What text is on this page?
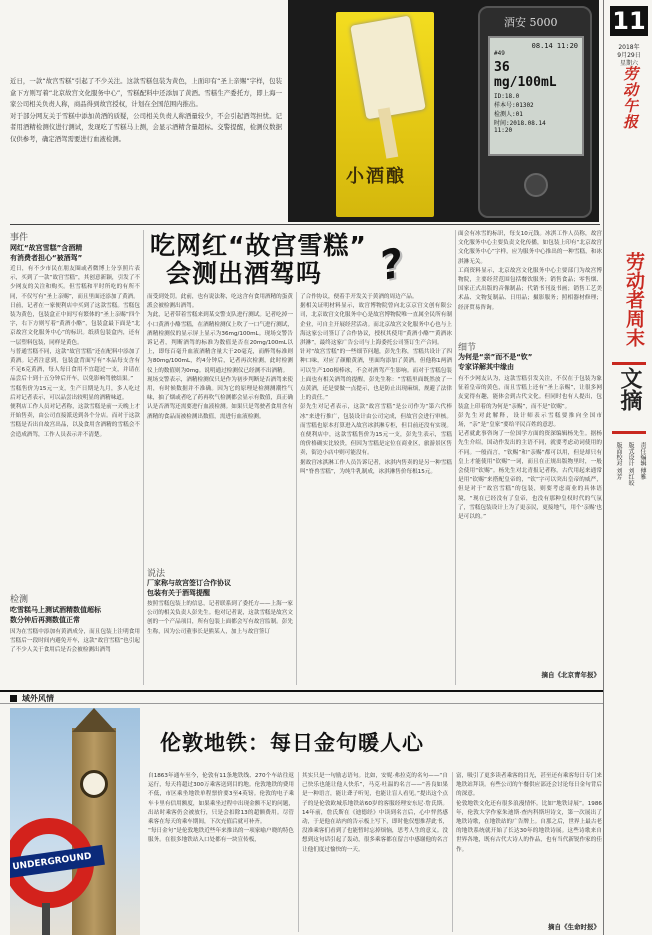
小酒酿
酒安 5000
08.14 11:20
#49
36 mg/100mL
ID:18.0
样本号:01302
检测人:01
时间:2018.08.14
11:20
11
2018年
9月29日
星期六
劳动午报
劳动者周末
文摘
责任编辑 傅雅
版式设计 刘红皎
版面校对 刘芳
近日，一款“故宫雪糕”引起了不少关注。这款雪糕包装为黄色，上面印有“圣上亲赐”字样，包装盒下方则写着“北京故宫文化服务中心”，雪糕配料中还添加了黄酒。雪糕生产委托方，即上海一家公司相关负责人称，商品得到故宫授权，计划在全国范围内推出。
对于部分网友关于雪糕中添加黄酒的质疑，公司相关负责人称酒量较少，不会引起酒驾担忧。记者用酒精检测仪进行测试，发现吃了雪糕马上测，会显示酒精含量超标。交警提醒，检测仪数据仅供参考，确定酒驾需要进行血液检测。
事件
网红“故宫雪糕”含酒精
有消费者担心“被酒驾”
近日，有不少市民在朋友圈或者微博上分享照片表示，买到了一款“故宫雪糕”，其创意新颖，引发了不少网友的关注和购买。但雪糕和平时所吃的有所不同，不仅写有“圣上亲赐”，而且里面还添加了黄酒。
日前，记者在一家便利店中买到了这款雪糕。雪糕包装为黄色，包装盒正中间写有繁体的“圣上亲赐”四个字，右下方则写着“黄酒小酪”，包装盒最下面是“北京故宫文化服务中心”的标识。纸质包装盒内，还有一层塑料包装，同样是黄色。
与普通雪糕不同，这款“故宫雪糕”还在配料中添加了黄酒。记者注意到，包装盒背面写有“本品每支含有不足6克黄酒，每人每日食用不宜超过一支，并请在品尝后十到十五分钟后开车，以免影响驾驶结果。”
雪糕售价为15元一支，生产日期是九月，多人吃过后对记者表示，可以品尝出较明显的酒精味道。
便利店工作人员对记者称，这款雪糕是前一天晚上才开始售卖，由公司直接派送到各个分店。而对于这款雪糕是否出自故宫出品，以及食用含酒精的雪糕会不会造成酒驾，工作人员表示并不清楚。
检测
吃雪糕马上测试酒精数值超标
数分钟后再测数值正常
因为在雪糕中添加有黄酒成分，而且包装上注明食用雪糕后一段时间内避免开车，这款“故宫雪糕”也引起了不少人关于食用后是否会被检测出酒驾
吃网红“故宫雪糕”
会测出酒驾吗	?
而受到处罚。此前，也有说法称，吃这含有食用酒精的蛋黄派会被检测出酒驾。
为此，记者带着雪糕来到某交警支队进行测试。记者吃掉一小口黄酒小酪雪糕，在酒精检测仪上吹了一口气进行测试，酒精检测仪的显示屏上显示为36mg/100mL。现场交警告诉记者，判断酒驾的标准为数值是否在20mg/100mL以上，即每百毫升血液酒精含量大于20毫克，而醉驾标准则为80mg/100mL，约4分钟后，记者再次检测，此时检测仪上的数值则为0mg。说明通过检测仪已经测不出酒精。
现场交警表示，酒精检测仪只是作为初步判断是否酒驾来使用，有时候数据并不准确。因为它的原理是检测测潮性气味，抽了烟或者吃了药再吹气检测都会显示有数值，真正确认是否酒驾还需要进行血液检测。如果只是驾驶者食用含有酒精的食品而被检测出数值，需进行血液检测。
说法
厂家称与故宫签订合作协议
包装有关于酒驾提醒
按照雪糕包装上的信息，记者联系到了委托方——上海一家公司的相关负责人彭先生。他对记者说，这款雪糕是故宫文创的一个产品项目，所有包装上面都会写有故宫监制。彭先生称，因为公司董事长是熊某人，加上与故宫签订
了合作协议，便着手开发关于黄酒的周边产品。
据相关证明材料显示，故宫博物院曾向北京京宫文创有限公司，北京故宫文化服务中心是故宫博物院唯一直属全民所有制企业，可自主开展经营活动。而北京故宫文化服务中心也与上海这家公司签订了合作协议，授权其使用“黄酒小酪”“黄酒冰淇淋”，最终这家广告公司与上海委托公司签订生产合同。
针对“故宫雪糕”的一些细节问题，彭先生称，雪糕共设计了四种口味，对应了颜酿黄酒，里面均添加了黄酒。但他称1两酒可以生产100根棒冰，不会对酒驾产生影响。而对于雪糕包装上面也有相关酒驾的提醒，彭先生称：“雪糕里面既然放了一点黄酒，还是要做一点提示，也是防止出现麻烦，规避了法律上的责任。”
彭先生对记者表示，这款“故宫雪糕”是公司作为“第六代棒冰”来进行推广，包装设计由公司完成，但故宫会进行审核。而雪糕也原本打算进入故宫冰淇淋专柜，但目前还没有实现。在便利店中，这款雪糕售价为15元一支，彭先生表示，雪糕的价格确实比较贵，但因为雪糕是定位在商业区，旅游景区售卖，街边小店中则可能没有。
据故宫冰淇淋工作人员告诉记者，冰淇内售卖的是另一种雪糕叫“脊兽雪糕”，为纯牛乳制成，冰淇淋售价每根15元。
面会有冰雪的标识，每支10元钱。冰淇工作人员称，故宫文化服务中心主要负责文化传播，如包装上印有“北京故宫文化服务中心”字样，应为服务中心推出的一种雪糕，和冰淇淋无关。
工商资料显示，北京故宫文化服务中心主要部门为故宫博物院，主要经营范围包括餐饮服务；销售食品；零售烟、国家正式出版的音像制品；代销书刊及书画；销售工艺美术品、文物复制品、日用品；摄影服务；照相器材修理；经济贸易咨询。
细节
为何是“亲”而不是“钦”
专家详解其中缘由
有不少网友认为，这款雪糕引发关注，不仅在于包装为象征着皇帝的黄色，而且雪糕上还有“圣上亲赐”，让很多网友觉得有趣，能体会到古代文化。但同时也有人提出，包装盒上印着的为何是“亲赐”，而不是“钦赐”。
彭先生对此解释，设计师表示雪糕要推向全国市场，“亲”是“皇家”要给平民百姓的意思。
记者就此事咨询了一位国学方面的资深编辑杨先生。据杨先生介绍，国动作发出的主语不同，就要考虑动词使用的不同。一般而言，“钦赐”和“亲赐”都可以用，但是却只有皇上才能使用“钦赐”一词，而且在正规出版物里时，一般会使用“钦赐”。杨先生对北青报记者称，古代用起来通常是用“钦赐”来搭配皇帝的，“钦”字可以突出皇帝的威严，但是对于“故宫雪糕”的包装，则要考虑商业的具体语境，“现在已经没有了皇帝，也没有那种皇权时代的气氛了，雪糕包装设计上为了更亲民，更接地气，用个‘亲赐’也是可以的。”
摘自《北京青年报》
域外风情
UNDERGROUND
伦敦地铁：每日金句暖人心
自1863年通车至今，伦敦有11条地铁线、270个车站往返运行，每天将超过300万乘客送到目的地。伦敦地铁的费用不低，市区乘坐地铁单程票价要3至4英镑。伦敦的电子乘车卡里有信用额度，如果乘坐过程中出现金额不足的问题，出站时乘客仍会被放行，只是会扣除13的超额费用。尽管乘客在每天的乘车期间，下次充值后就可补齐。
“每日金句”是伦敦地铁近些年来推出的一项家喻户晓的特色服务。在很多地铁站入口处都有一块宣传板，
其实只是一句励志语句。比如，安妮·弗拉克的名句——“自己快乐也能让他人快乐”，马克·吐温的名言——“善良如果是一种语言，能让聋子听见，也能让盲人看见。”提出这个点子的是伦敦欧城乐地铁站60岁的客服经理安东尼·詹氏斯。14年前，詹氏斯在《迪德经》中读到名言后，心中怦然感动，于是他在站内的告示板上写下，即时他仅想推荐此书，没准乘客们看到了也能暂时忘掉烦恼，思考人生的意义。没想到这句话引起了轰动，很多乘客都在留言中感谢他的名言让他们度过愉快的一天。
富，吸引了更多读者乘客的目光，甚至还有乘客每日专门来地铁站拜读。有些公司的午餐供应部还会讨论每日金句背后的深意。
伦敦地铁文化还有很多浪漫情怀。比如“地铁诗展”。1986年，伦敦大学作家朱迪斯·查内科斯坦诗文，第一次展出了地铁诗歌，在地铁站的广告牌上。自那之后，世界上最古老的地铁系统就开始了长达30年的地铁诗展。这些诗歌来自世界各地，既有古代大诗人的作品，也有当代新锐作家的佳作。
摘自《生命时报》
